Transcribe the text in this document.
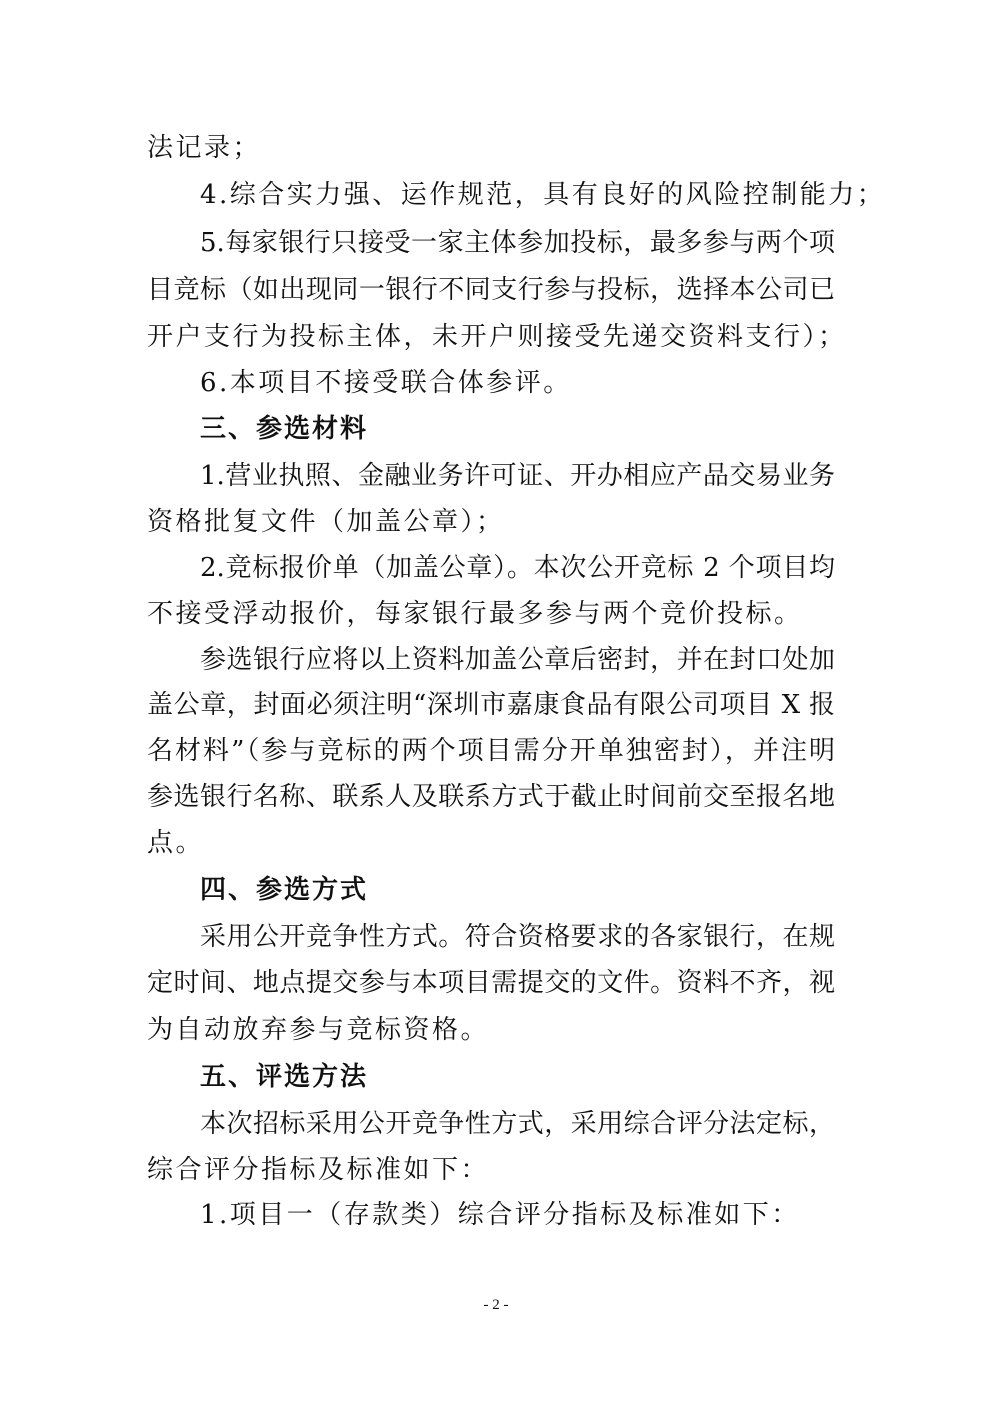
法记录；
4.综合实力强、运作规范，具有良好的风险控制能力；
5.每家银行只接受一家主体参加投标，最多参与两个项
目竞标（如出现同一银行不同支行参与投标，选择本公司已
开户支行为投标主体，未开户则接受先递交资料支行）；
6.本项目不接受联合体参评。
三、参选材料
1.营业执照、金融业务许可证、开办相应产品交易业务
资格批复文件（加盖公章）；
2.竞标报价单（加盖公章）。本次公开竞标 2 个项目均
不接受浮动报价，每家银行最多参与两个竞价投标。
参选银行应将以上资料加盖公章后密封，并在封口处加
盖公章，封面必须注明“深圳市嘉康食品有限公司项目 X 报
名材料”（参与竞标的两个项目需分开单独密封），并注明
参选银行名称、联系人及联系方式于截止时间前交至报名地
点。
四、参选方式
采用公开竞争性方式。符合资格要求的各家银行，在规
定时间、地点提交参与本项目需提交的文件。资料不齐，视
为自动放弃参与竞标资格。
五、评选方法
本次招标采用公开竞争性方式，采用综合评分法定标，
综合评分指标及标准如下：
1.项目一（存款类）综合评分指标及标准如下：
- 2 -
